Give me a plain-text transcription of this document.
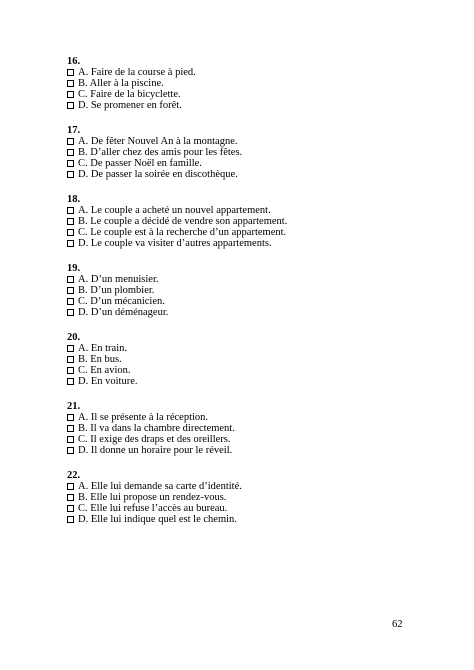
16.
A. Faire de la course à pied.
B. Aller à la piscine.
C. Faire de la bicyclette.
D. Se promener en forêt.
17.
A. De fêter Nouvel An à la montagne.
B. D’aller chez des amis pour les fêtes.
C. De passer Noël en famille.
D. De passer la soirée en discothèque.
18.
A. Le couple a acheté un nouvel appartement.
B. Le couple a décidé de vendre son appartement.
C. Le couple est à la recherche d’un appartement.
D. Le couple va visiter d’autres appartements.
19.
A. D’un menuisier.
B. D’un plombier.
C. D’un mécanicien.
D. D’un déménageur.
20.
A. En train.
B. En bus.
C. En avion.
D. En voiture.
21.
A. Il se présente à la réception.
B. Il va dans la chambre directement.
C. Il exige des draps et des oreillers.
D. Il donne un horaire pour le réveil.
22.
A. Elle lui demande sa carte d’identité.
B. Elle lui propose un rendez-vous.
C. Elle lui refuse l’accès au bureau.
D. Elle lui indique quel est le chemin.
62
